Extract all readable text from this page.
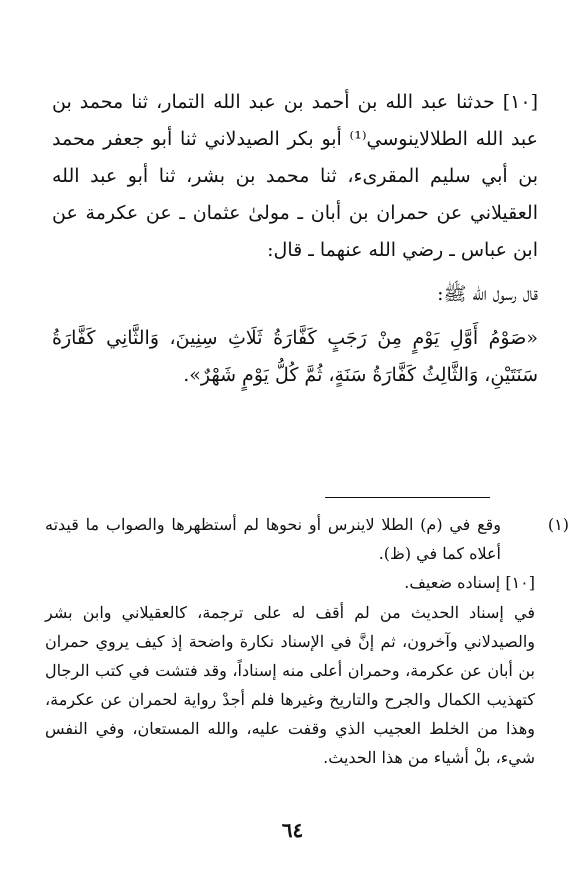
[١٠] حدثنا عبد الله بن أحمد بن عبد الله التمار، ثنا محمد بن عبد الله الطلالاينوسي⁽¹⁾ أبو بكر الصيدلاني ثنا أبو جعفر محمد بن أبي سليم المقرىء، ثنا محمد بن بشر، ثنا أبو عبد الله العقيلاني عن حمران بن أبان ـ مولىٰ عثمان ـ عن عكرمة عن ابن عباس ـ رضي الله عنهما ـ قال:

قال رسول الله ﷺ:

«صَوْمُ أَوَّلِ يَوْمٍ مِنْ رَجَبٍ كَفَّارَةُ ثَلَاثِ سِنِينَ، وَالثَّانِي كَفَّارَةُ سَنَتَيْنِ، وَالثَّالِثُ كَفَّارَةُ سَنَةٍ، ثُمَّ كُلُّ يَوْمٍ شَهْرٌ».

(١)وقع في (م) الطلا لاينرس أو نحوها لم أستظهرها والصواب ما قيدته أعلاه كما في (ظ).

[١٠] إسناده ضعيف.

في إسناد الحديث من لم أقف له على ترجمة، كالعقيلاني وابن بشر والصيدلاني وآخرون، ثم إنَّ في الإسناد نكارة واضحة إذ كيف يروي حمران بن أبان عن عكرمة، وحمران أعلى منه إسناداً، وقد فتشت في كتب الرجال كتهذيب الكمال والجرح والتاريخ وغيرها فلم أجدْ رواية لحمران عن عكرمة، وهذا من الخلط العجيب الذي وقفت عليه، والله المستعان، وفي النفس شيء، بلْ أشياء من هذا الحديث.

٦٤
